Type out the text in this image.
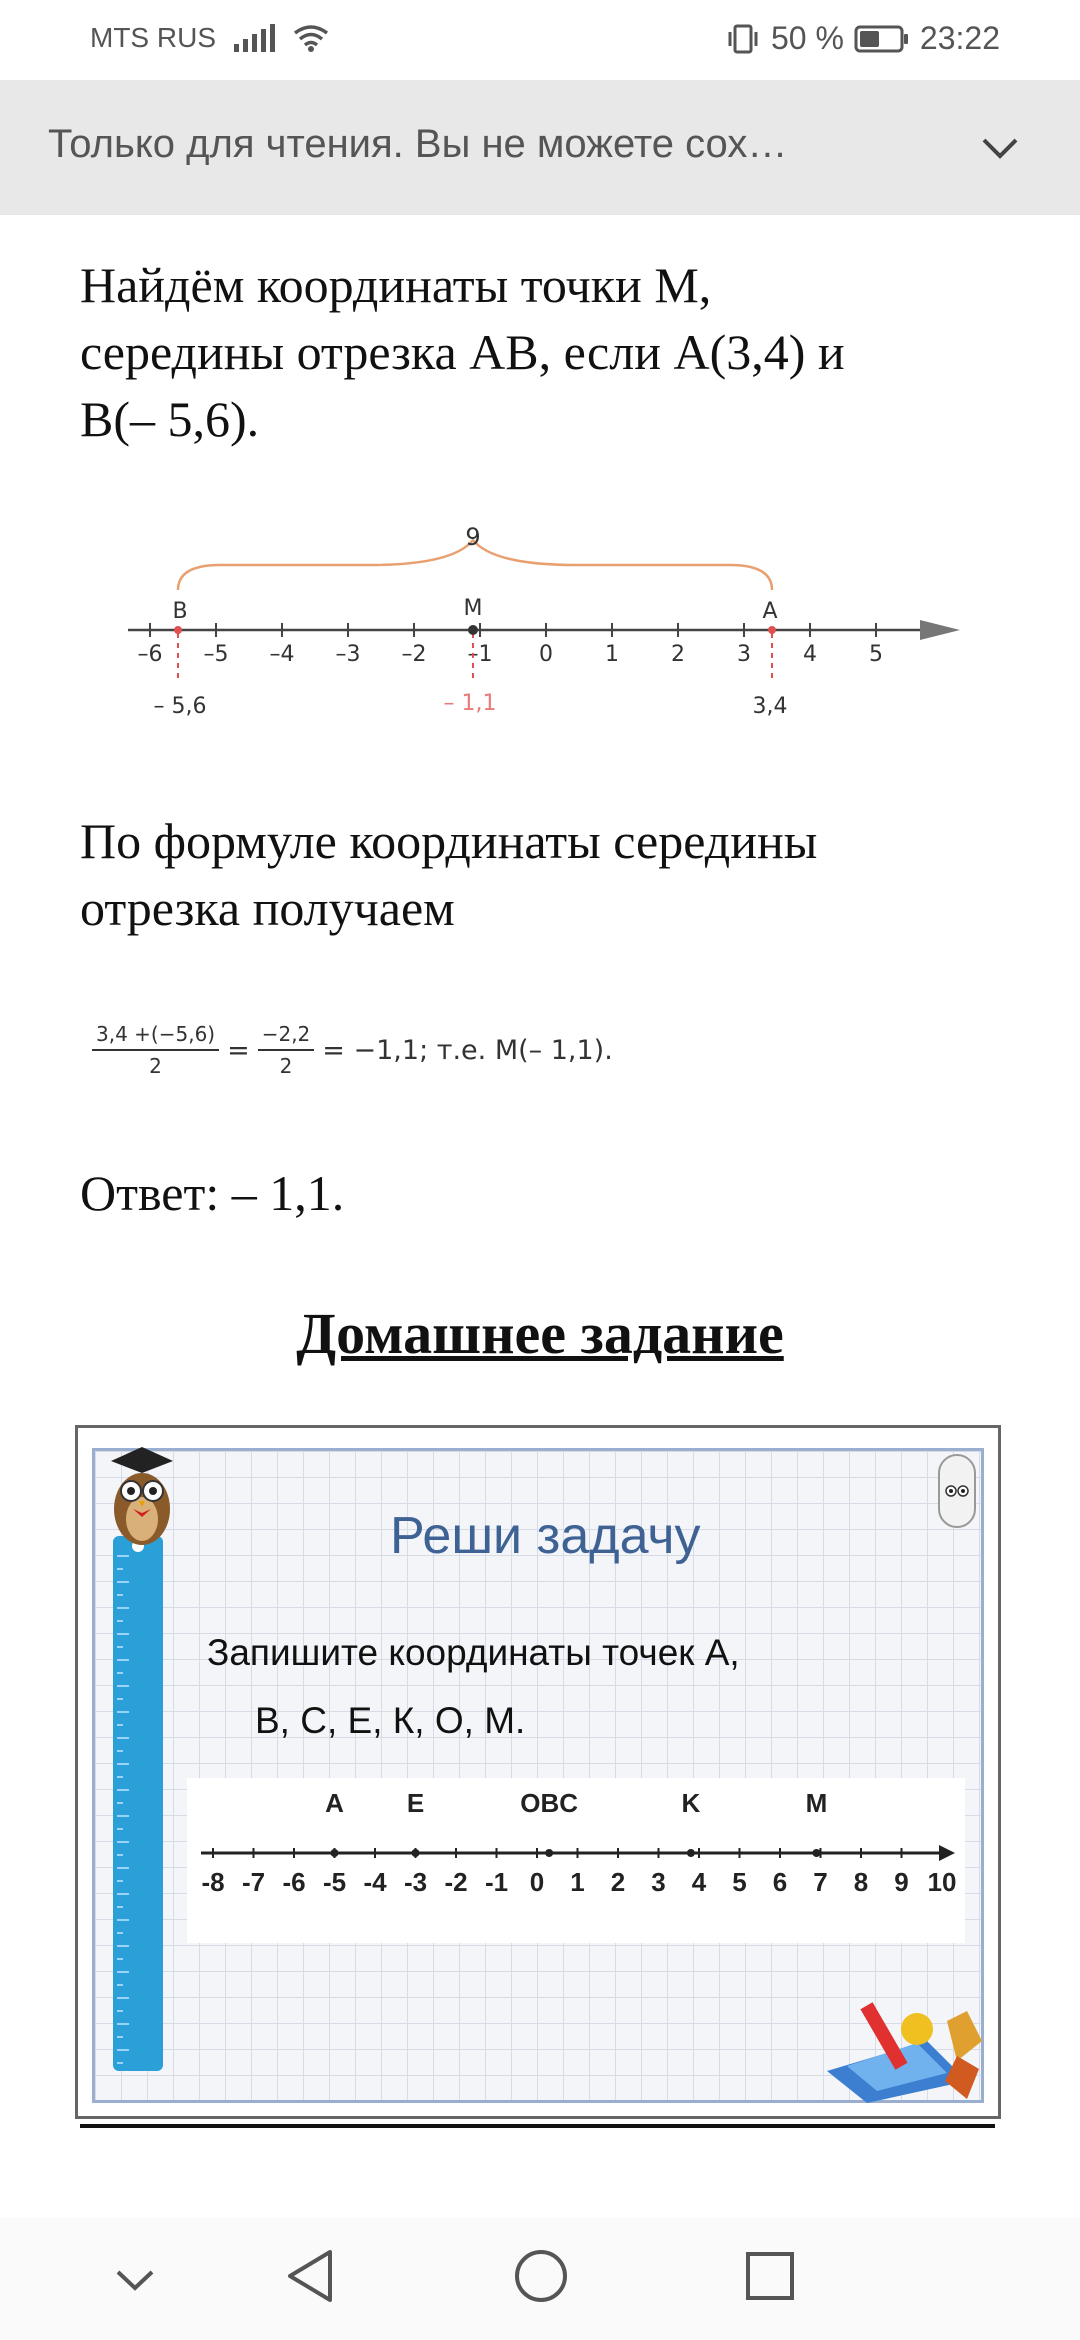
MTS RUS	50 % 23:22
Только для чтения. Вы не можете сох…

Найдём координаты точки М,
середины отрезка АВ, если А(3,4) и
В(– 5,6).

9
–6 –5 –4 –3 –2 –1 0 1 2 3 4 5
B	M	A
– 5,6	– 1,1	3,4

По формуле координаты середины
отрезка получаем

$\frac{3,4 +(-5,6)}{2} = \frac{-2,2}{2} = -1,1$; т.е. М(– 1,1).

Ответ: – 1,1.

Домашнее задание
Реши задачу
Запишите координаты точек А,
В, С, Е, К, О, М.
-8 -7 -6 -5 -4 -3 -2 -1 0 1 2 3 4 5 6 7 8 9 10
A E	OBC	K	M
